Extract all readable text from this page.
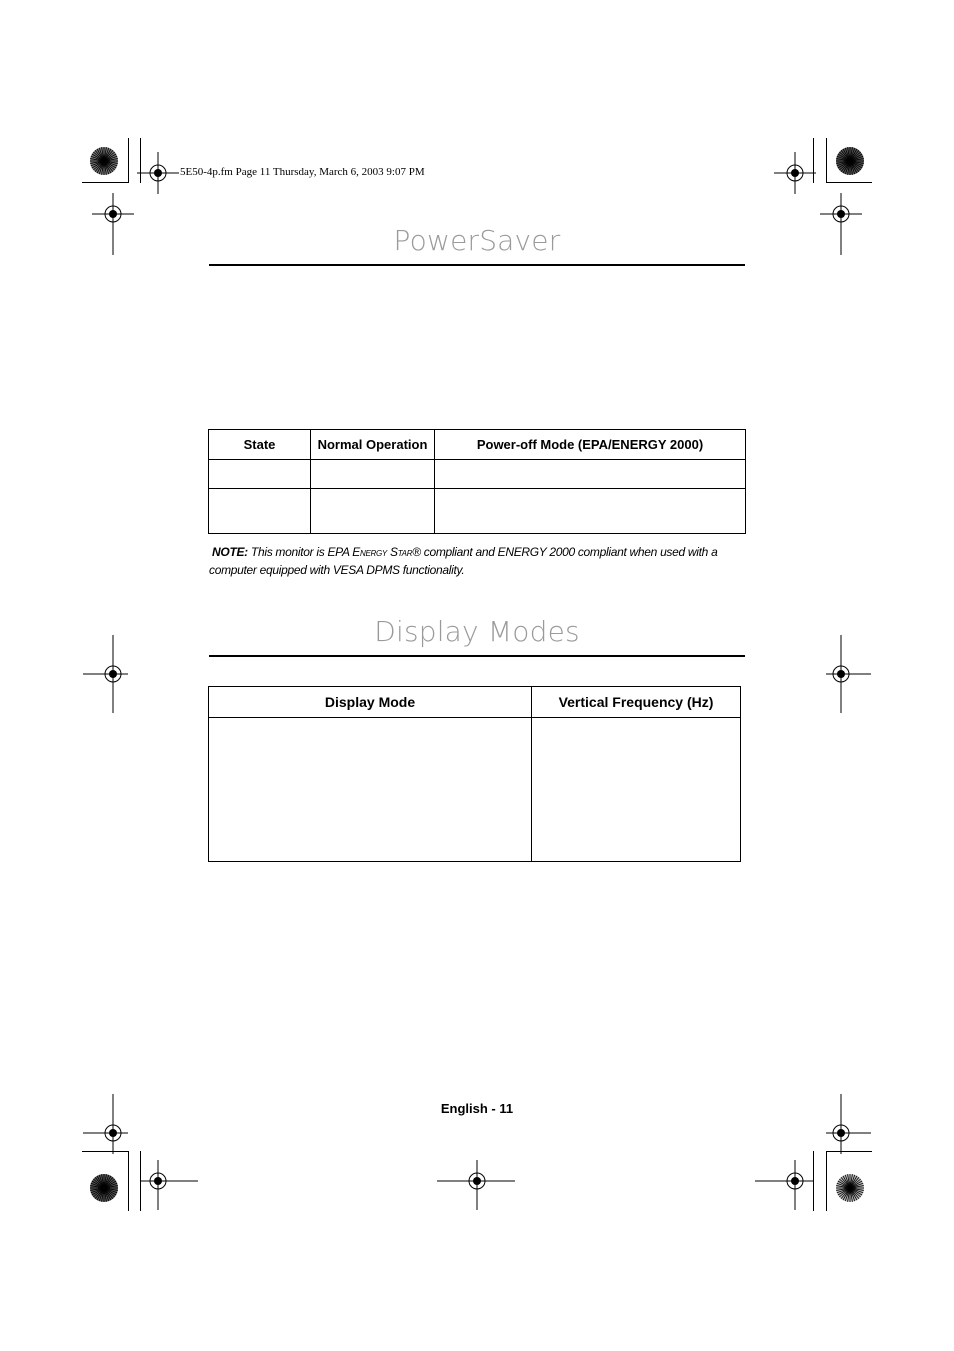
5E50-4p.fm Page 11 Thursday, March 6, 2003 9:07 PM
PowerSaver
State	Normal Operation	Power-off Mode (EPA/ENERGY 2000)

NOTE: This monitor is EPA Energy Star® compliant and ENERGY 2000 compliant when used with a computer equipped with VESA DPMS functionality.
Display Modes
Display Mode	Vertical Frequency (Hz)

English - 11
